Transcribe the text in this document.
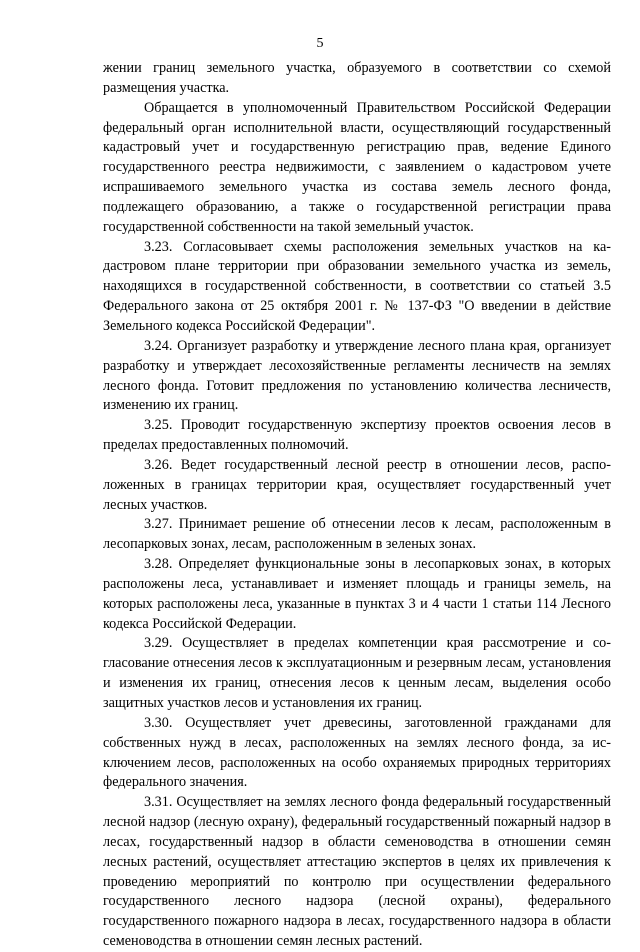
5

жении границ земельного участка, образуемого в соответствии со схемой размещения участка.

Обращается в уполномоченный Правительством Российской Федерации федеральный орган исполнительной власти, осуществляющий государственный кадастровый учет и государственную регистрацию прав, ведение Единого государственного реестра недвижимости, с заявлением о кадастровом учете испрашиваемого земельного участка из состава земель лесного фонда, подлежащего образованию, а также о государственной регистрации права государственной собственности на такой земельный участок.

3.23. Согласовывает схемы расположения земельных участков на кадастровом плане территории при образовании земельного участка из земель, находящихся в государственной собственности, в соответствии со статьей 3.5 Федерального закона от 25 октября 2001 г. № 137-ФЗ "О введении в действие Земельного кодекса Российской Федерации".

3.24. Организует разработку и утверждение лесного плана края, организует разработку и утверждает лесохозяйственные регламенты лесничеств на землях лесного фонда. Готовит предложения по установлению количества лесничеств, изменению их границ.

3.25. Проводит государственную экспертизу проектов освоения лесов в пределах предоставленных полномочий.

3.26. Ведет государственный лесной реестр в отношении лесов, расположенных в границах территории края, осуществляет государственный учет лесных участков.

3.27. Принимает решение об отнесении лесов к лесам, расположенным в лесопарковых зонах, лесам, расположенным в зеленых зонах.

3.28. Определяет функциональные зоны в лесопарковых зонах, в которых расположены леса, устанавливает и изменяет площадь и границы земель, на которых расположены леса, указанные в пунктах 3 и 4 части 1 статьи 114 Лесного кодекса Российской Федерации.

3.29. Осуществляет в пределах компетенции края рассмотрение и согласование отнесения лесов к эксплуатационным и резервным лесам, установления и изменения их границ, отнесения лесов к ценным лесам, выделения особо защитных участков лесов и установления их границ.

3.30. Осуществляет учет древесины, заготовленной гражданами для собственных нужд в лесах, расположенных на землях лесного фонда, за исключением лесов, расположенных на особо охраняемых природных территориях федерального значения.

3.31. Осуществляет на землях лесного фонда федеральный государственный лесной надзор (лесную охрану), федеральный государственный пожарный надзор в лесах, государственный надзор в области семеноводства в отношении семян лесных растений, осуществляет аттестацию экспертов в целях их привлечения к проведению мероприятий по контролю при осуществлении федерального государственного лесного надзора (лесной охраны), федерального государственного пожарного надзора в лесах, государственного надзора в области семеноводства в отношении семян лесных растений.
